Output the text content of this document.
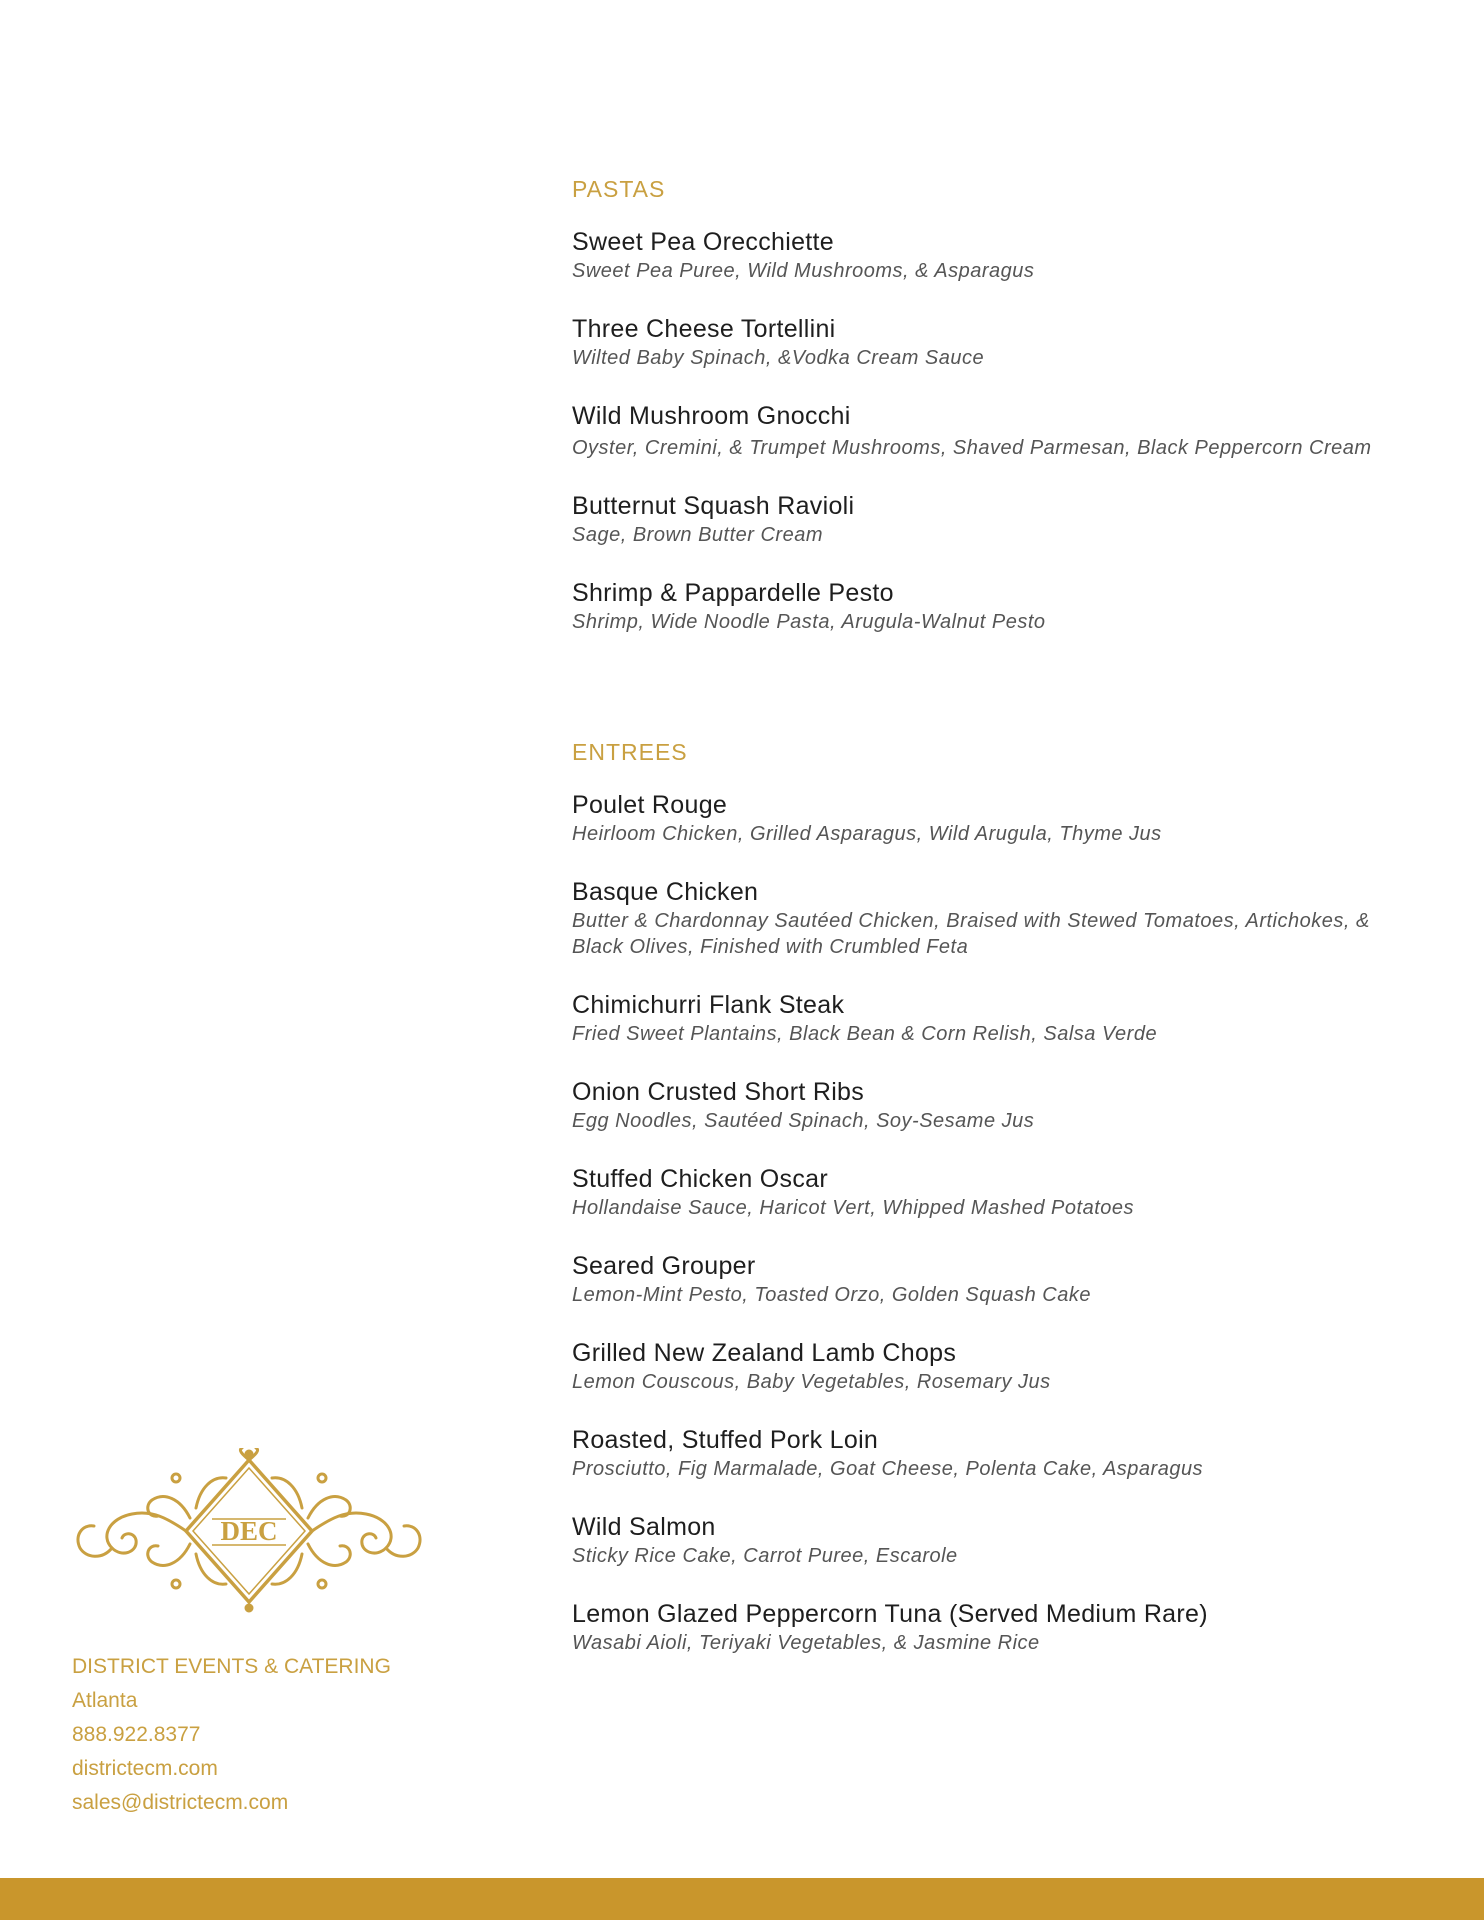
PASTAS
Sweet Pea Orecchiette
Sweet Pea Puree, Wild Mushrooms, & Asparagus
Three Cheese Tortellini
Wilted Baby Spinach, &Vodka Cream Sauce
Wild Mushroom Gnocchi
Oyster, Cremini, & Trumpet Mushrooms, Shaved Parmesan, Black Peppercorn Cream
Butternut Squash Ravioli
Sage, Brown Butter Cream
Shrimp & Pappardelle Pesto
Shrimp, Wide Noodle Pasta, Arugula-Walnut Pesto
ENTREES
Poulet Rouge
Heirloom Chicken, Grilled Asparagus, Wild Arugula, Thyme Jus
Basque Chicken
Butter & Chardonnay Sautéed Chicken, Braised with Stewed Tomatoes, Artichokes, & Black Olives, Finished with Crumbled Feta
Chimichurri Flank Steak
Fried Sweet Plantains, Black Bean & Corn Relish, Salsa Verde
Onion Crusted Short Ribs
Egg Noodles, Sautéed Spinach, Soy-Sesame Jus
Stuffed Chicken Oscar
Hollandaise Sauce, Haricot Vert, Whipped Mashed Potatoes
Seared Grouper
Lemon-Mint Pesto, Toasted Orzo, Golden Squash Cake
Grilled New Zealand Lamb Chops
Lemon Couscous, Baby Vegetables, Rosemary Jus
Roasted, Stuffed Pork Loin
Prosciutto, Fig Marmalade, Goat Cheese, Polenta Cake, Asparagus
Wild Salmon
Sticky Rice Cake, Carrot Puree, Escarole
Lemon Glazed Peppercorn Tuna (Served Medium Rare)
Wasabi Aioli, Teriyaki Vegetables, & Jasmine Rice
DEC
DISTRICT EVENTS & CATERING
Atlanta
888.922.8377
districtecm.com
sales@districtecm.com
